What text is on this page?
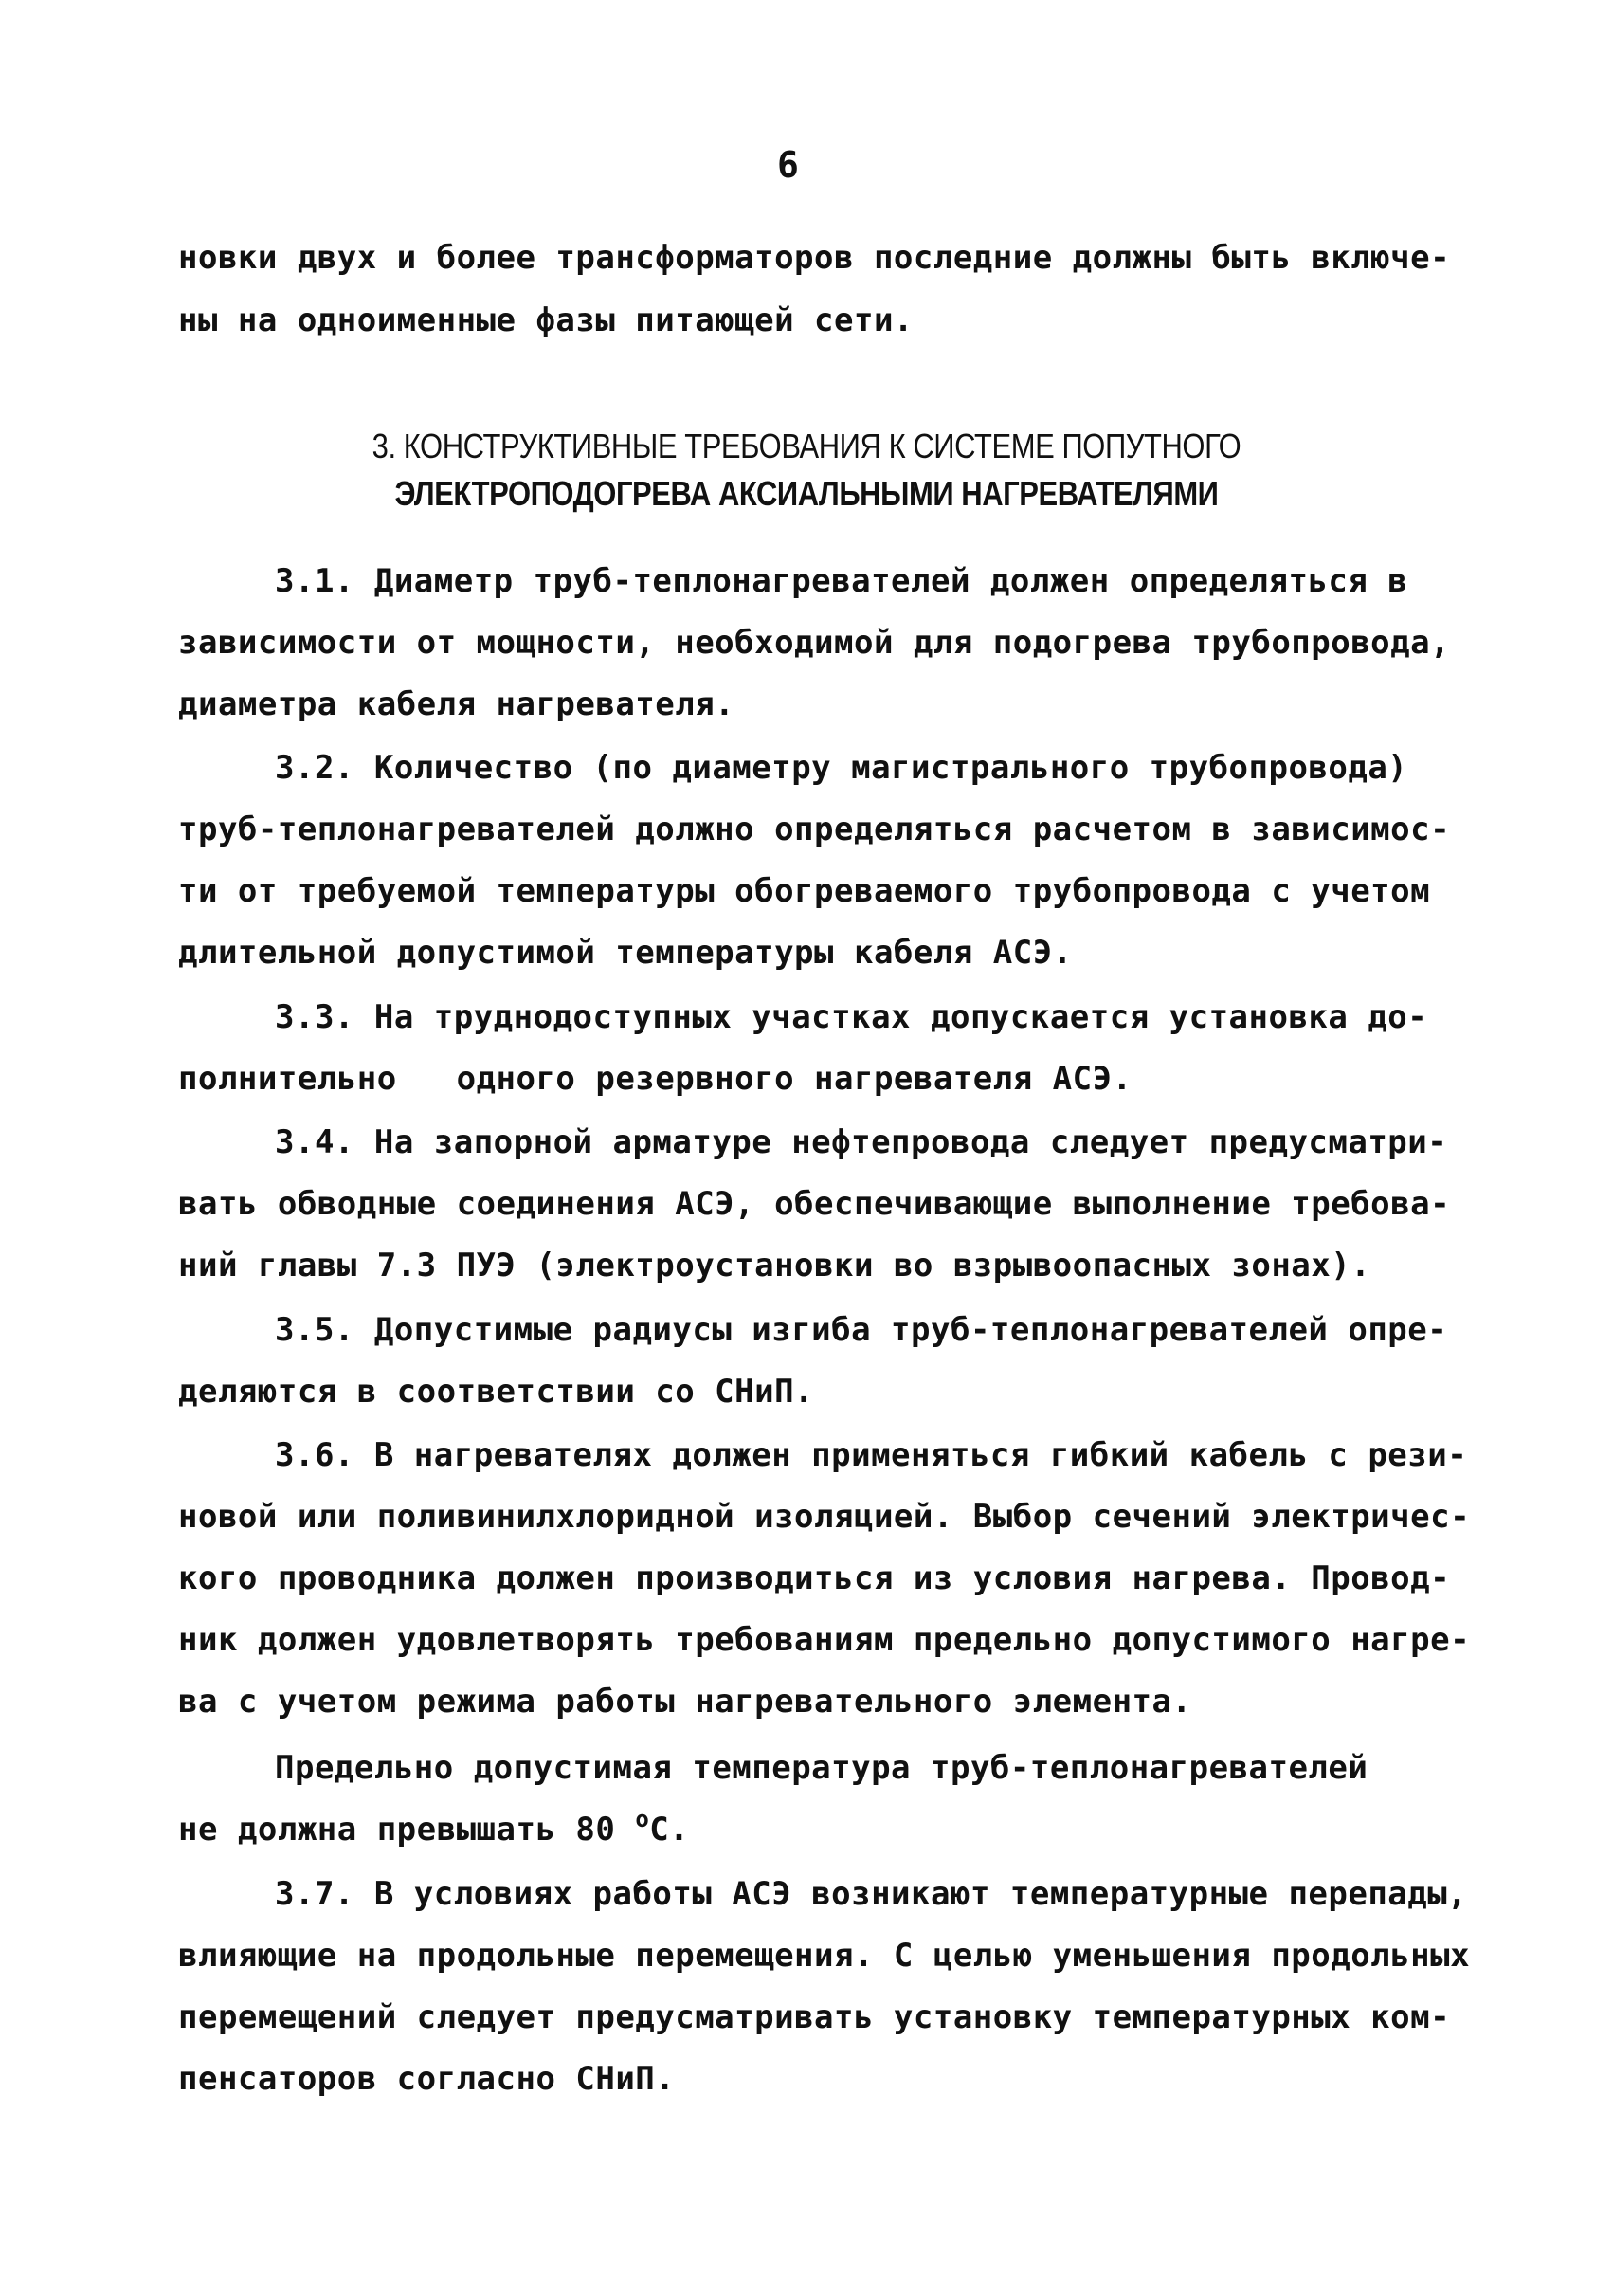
6
новки двух и более трансформаторов последние должны быть включе-
ны на одноименные фазы питающей сети.
3. КОНСТРУКТИВНЫЕ ТРЕБОВАНИЯ К СИСТЕМЕ ПОПУТНОГО
ЭЛЕКТРОПОДОГРЕВА АКСИАЛЬНЫМИ НАГРЕВАТЕЛЯМИ
3.1. Диаметр труб-теплонагревателей должен определяться в
зависимости от мощности, необходимой для подогрева трубопровода,
диаметра кабеля нагревателя.
3.2. Количество (по диаметру магистрального трубопровода)
труб-теплонагревателей должно определяться расчетом в зависимос-
ти от требуемой температуры обогреваемого трубопровода с учетом
длительной допустимой температуры кабеля АСЭ.
3.3. На труднодоступных участках допускается установка до-
полнительно   одного резервного нагревателя АСЭ.
3.4. На запорной арматуре нефтепровода следует предусматри-
вать обводные соединения АСЭ, обеспечивающие выполнение требова-
ний главы 7.3 ПУЭ (электроустановки во взрывоопасных зонах).
3.5. Допустимые радиусы изгиба труб-теплонагревателей опре-
деляются в соответствии со СНиП.
3.6. В нагревателях должен применяться гибкий кабель с рези-
новой или поливинилхлоридной изоляцией. Выбор сечений электричес-
кого проводника должен производиться из условия нагрева. Провод-
ник должен удовлетворять требованиям предельно допустимого нагре-
ва с учетом режима работы нагревательного элемента.
Предельно допустимая температура труб-теплонагревателей
не должна превышать 80 $^о$С.
3.7. В условиях работы АСЭ возникают температурные перепады,
влияющие на продольные перемещения. С целью уменьшения продольных
перемещений следует предусматривать установку температурных ком-
пенсаторов согласно СНиП.
